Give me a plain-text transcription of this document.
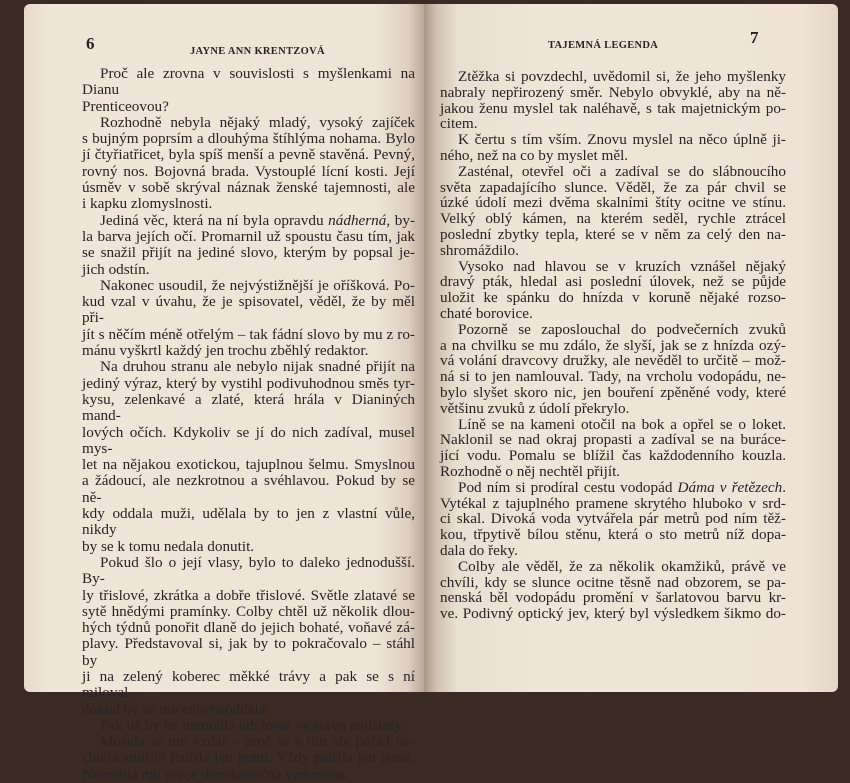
6	JAYNE ANN KRENTZOVÁ
Proč ale zrovna v souvislosti s myšlenkami na Dianu
Prenticeovou?
Rozhodně nebyla nějaký mladý, vysoký zajíček
s bujným poprsím a dlouhýma štíhlýma nohama. Bylo
jí čtyřiatřicet, byla spíš menší a pevně stavěná. Pevný,
rovný nos. Bojovná brada. Vystouplé lícní kosti. Její
úsměv v sobě skrýval náznak ženské tajemnosti, ale
i kapku zlomyslnosti.
Jediná věc, která na ní byla opravdu nádherná, by-
la barva jejích očí. Promarnil už spoustu času tím, jak
se snažil přijít na jediné slovo, kterým by popsal je-
jich odstín.
Nakonec usoudil, že nejvýstižnější je oříšková. Po-
kud vzal v úvahu, že je spisovatel, věděl, že by měl při-
jít s něčím méně otřelým – tak fádní slovo by mu z ro-
mánu vyškrtl každý jen trochu zběhlý redaktor.
Na druhou stranu ale nebylo nijak snadné přijít na
jediný výraz, který by vystihl podivuhodnou směs tyr-
kysu, zelenkavé a zlaté, která hrála v Dianiných mand-
lových očích. Kdykoliv se jí do nich zadíval, musel mys-
let na nějakou exotickou, tajuplnou šelmu. Smyslnou
a žádoucí, ale nezkrotnou a svéhlavou. Pokud by se ně-
kdy oddala muži, udělala by to jen z vlastní vůle, nikdy
by se k tomu nedala donutit.
Pokud šlo o její vlasy, bylo to daleko jednodušší. By-
ly třislové, zkrátka a dobře třislové. Světle zlatavé se
sytě hnědými pramínky. Colby chtěl už několik dlou-
hých týdnů ponořit dlaně do jejich bohaté, voňavé zá-
plavy. Představoval si, jak by to pokračovalo – stáhl by
ji na zelený koberec měkké trávy a pak se s ní miloval,
dokud by se mu cele neoddala.
Pak už by ho nemohla udržovat ve stavu nejistoty.
Musela se mu vzdát – proč se s tím ale pořád ne-
chtěla smířit? Patřila jen jemu. Vždy patřila jen jemu.
Nemohla mu přece donekonečna vzdorovat.
TAJEMNÁ LEGENDA	7
Ztěžka si povzdechl, uvědomil si, že jeho myšlenky
nabraly nepřirozený směr. Nebylo obvyklé, aby na ně-
jakou ženu myslel tak naléhavě, s tak majetnickým po-
citem.
K čertu s tím vším. Znovu myslel na něco úplně ji-
ného, než na co by myslet měl.
Zasténal, otevřel oči a zadíval se do slábnoucího
světa zapadajícího slunce. Věděl, že za pár chvil se
úzké údolí mezi dvěma skalními štíty ocitne ve stínu.
Velký oblý kámen, na kterém seděl, rychle ztrácel
poslední zbytky tepla, které se v něm za celý den na-
shromáždilo.
Vysoko nad hlavou se v kruzích vznášel nějaký
dravý pták, hledal asi poslední úlovek, než se půjde
uložit ke spánku do hnízda v koruně nějaké rozso-
chaté borovice.
Pozorně se zaposlouchal do podvečerních zvuků
a na chvilku se mu zdálo, že slyší, jak se z hnízda ozý-
vá volání dravcovy družky, ale nevěděl to určitě – mož-
ná si to jen namlouval. Tady, na vrcholu vodopádu, ne-
bylo slyšet skoro nic, jen bouření zpěněné vody, které
většinu zvuků z údolí překrylo.
Líně se na kameni otočil na bok a opřel se o loket.
Naklonil se nad okraj propasti a zadíval se na buráce-
jící vodu. Pomalu se blížil čas každodenního kouzla.
Rozhodně o něj nechtěl přijít.
Pod ním si prodíral cestu vodopád Dáma v řetězech.
Vytékal z tajuplného pramene skrytého hluboko v srd-
ci skal. Divoká voda vytvářela pár metrů pod ním těž-
kou, třpytivě bílou stěnu, která o sto metrů níž dopa-
dala do řeky.
Colby ale věděl, že za několik okamžiků, právě ve
chvíli, kdy se slunce ocitne těsně nad obzorem, se pa-
nenská běl vodopádu promění v šarlatovou barvu kr-
ve. Podivný optický jev, který byl výsledkem šikmo do-
